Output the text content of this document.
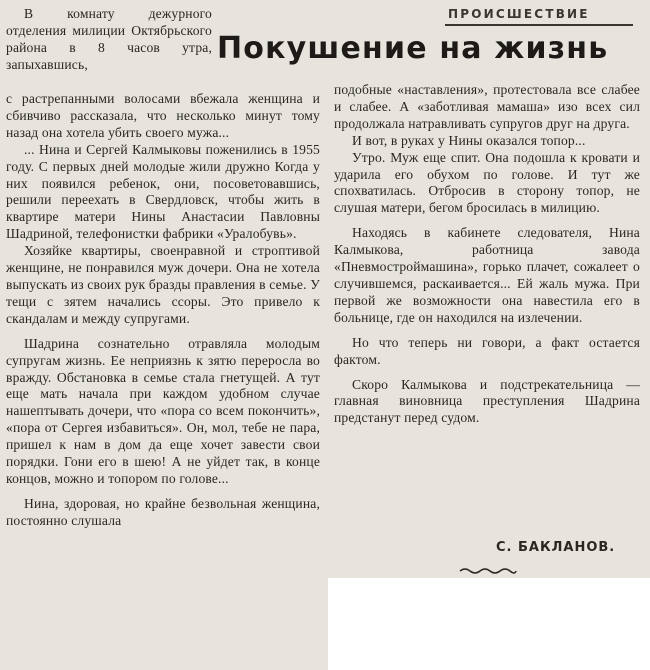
ПРОИСШЕСТВИЕ
Покушение на жизнь

В комнату дежурного отделения милиции Октябрьского района в 8 часов утра, запыхавшись,

с растрепанными волосами вбежала женщина и сбивчиво рассказала, что несколько минут тому назад она хотела убить своего мужа...

... Нина и Сергей Калмыковы поженились в 1955 году. С первых дней молодые жили дружно Когда у них появился ребенок, они, посоветовавшись, решили переехать в Свердловск, чтобы жить в квартире матери Нины Анастасии Павловны Шадриной, телефонистки фабрики «Уралобувь».

Хозяйке квартиры, своенравной и строптивой женщине, не понравился муж дочери. Она не хотела выпускать из своих рук бразды правления в семье. У тещи с зятем начались ссоры. Это привело к скандалам и между супругами.

Шадрина сознательно отравляла молодым супругам жизнь. Ее неприязнь к зятю переросла во вражду. Обстановка в семье стала гнетущей. А тут еще мать начала при каждом удобном случае нашептывать дочери, что «пора со всем покончить», «пора от Сергея избавиться». Он, мол, тебе не пара, пришел к нам в дом да еще хочет завести свои порядки. Гони его в шею! А не уйдет так, в конце концов, можно и топором по голове...

Нина, здоровая, но крайне безвольная женщина, постоянно слушала

подобные «наставления», протестовала все слабее и слабее. А «заботливая мамаша» изо всех сил продолжала натравливать супругов друг на друга.

И вот, в руках у Нины оказался топор...

Утро. Муж еще спит. Она подошла к кровати и ударила его обухом по голове. И тут же спохватилась. Отбросив в сторону топор, не слушая матери, бегом бросилась в милицию.

Находясь в кабинете следователя, Нина Калмыкова, работница завода «Пневмостроймашина», горько плачет, сожалеет о случившемся, раскаивается... Ей жаль мужа. При первой же возможности она навестила его в больнице, где он находился на излечении.

Но что теперь ни говори, а факт остается фактом.

Скоро Калмыкова и подстрекательница — главная виновница преступления Шадрина предстанут перед судом.

С. БАКЛАНОВ.
